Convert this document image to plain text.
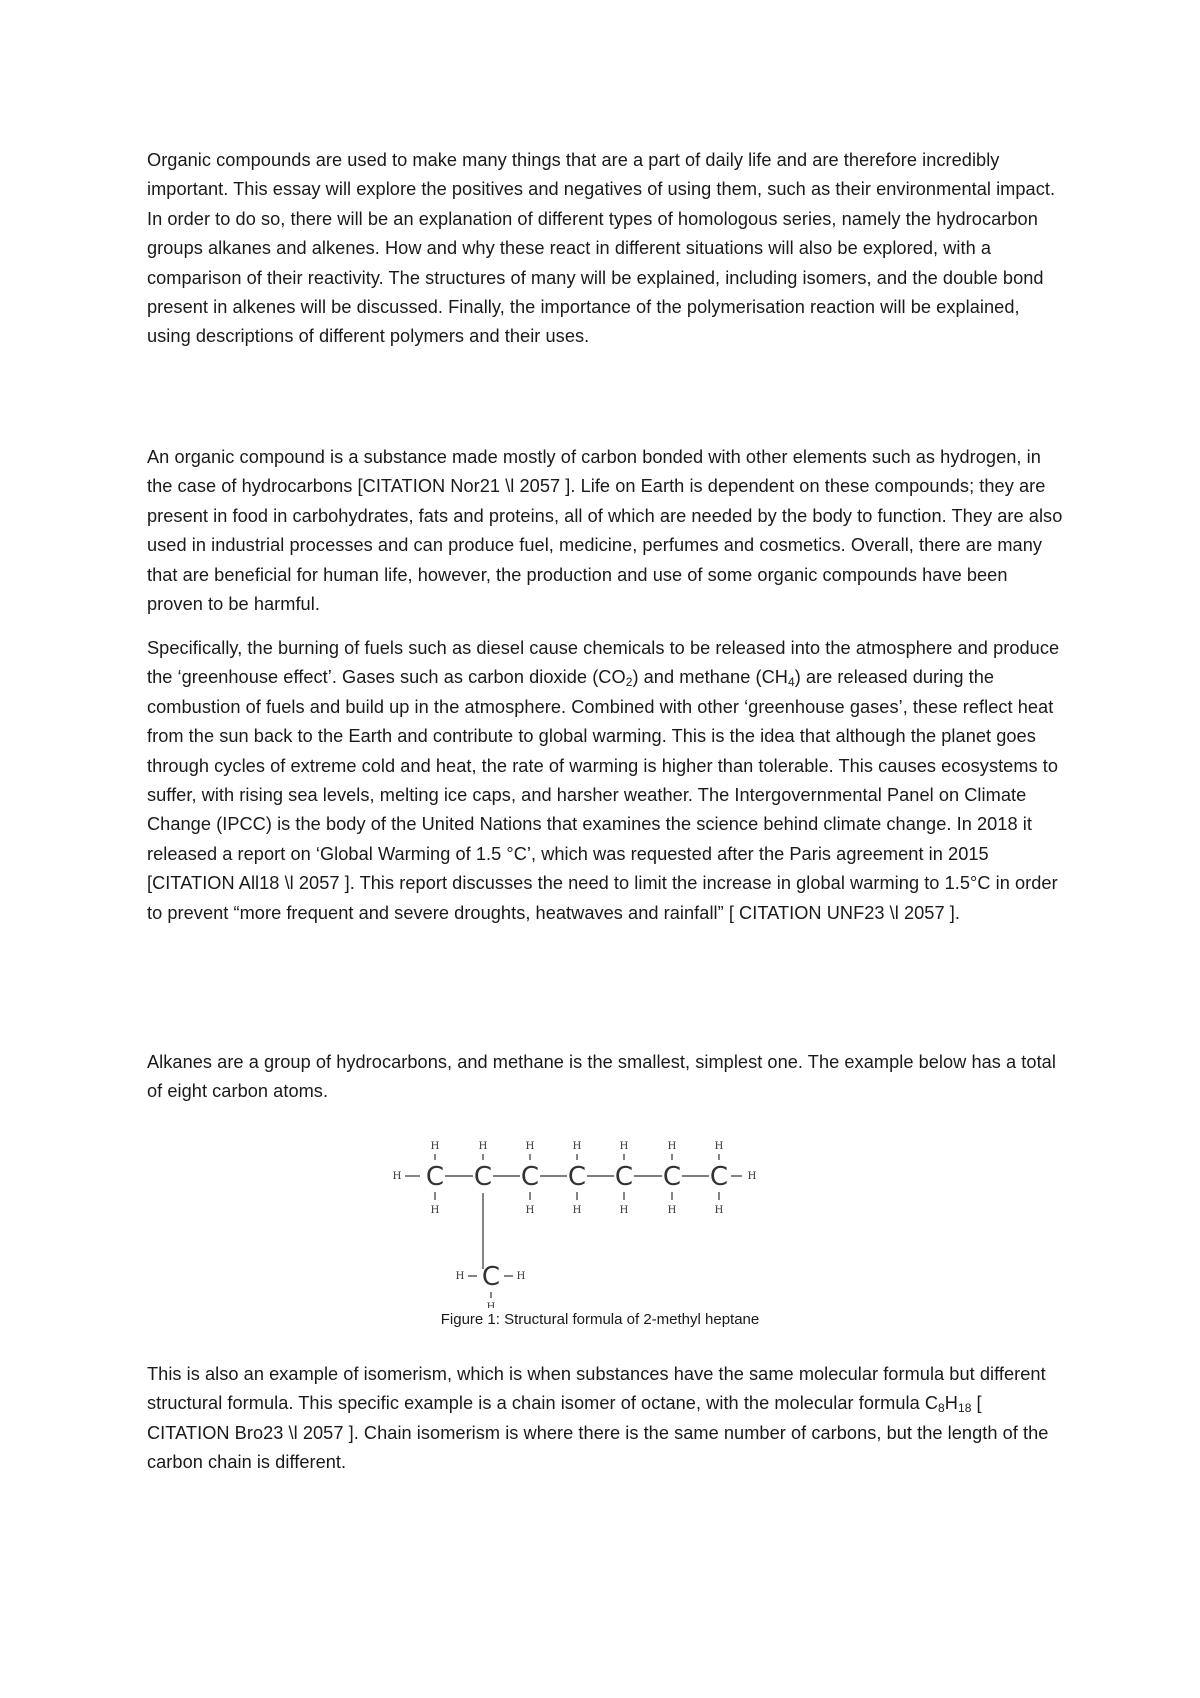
Organic compounds are used to make many things that are a part of daily life and are therefore incredibly important. This essay will explore the positives and negatives of using them, such as their environmental impact. In order to do so, there will be an explanation of different types of homologous series, namely the hydrocarbon groups alkanes and alkenes. How and why these react in different situations will also be explored, with a comparison of their reactivity. The structures of many will be explained, including isomers, and the double bond present in alkenes will be discussed. Finally, the importance of the polymerisation reaction will be explained, using descriptions of different polymers and their uses.

An organic compound is a substance made mostly of carbon bonded with other elements such as hydrogen, in the case of hydrocarbons [CITATION Nor21 \l 2057 ]. Life on Earth is dependent on these compounds; they are present in food in carbohydrates, fats and proteins, all of which are needed by the body to function. They are also used in industrial processes and can produce fuel, medicine, perfumes and cosmetics. Overall, there are many that are beneficial for human life, however, the production and use of some organic compounds have been proven to be harmful.

Specifically, the burning of fuels such as diesel cause chemicals to be released into the atmosphere and produce the ‘greenhouse effect’. Gases such as carbon dioxide $(CO_2)$ and methane $(CH_4)$ are released during the combustion of fuels and build up in the atmosphere. Combined with other ‘greenhouse gases’, these reflect heat from the sun back to the Earth and contribute to global warming. This is the idea that although the planet goes through cycles of extreme cold and heat, the rate of warming is higher than tolerable. This causes ecosystems to suffer, with rising sea levels, melting ice caps, and harsher weather. The Intergovernmental Panel on Climate Change (IPCC) is the body of the United Nations that examines the science behind climate change. In 2018 it released a report on ‘Global Warming of 1.5 °C’, which was requested after the Paris agreement in 2015 [CITATION All18 \l 2057 ]. This report discusses the need to limit the increase in global warming to 1.5°C in order to prevent “more frequent and severe droughts, heatwaves and rainfall” [ CITATION UNF23 \l 2057 ].

Alkanes are a group of hydrocarbons, and methane is the smallest, simplest one. The example below has a total of eight carbon atoms.

C
H
H
C
H
C
H
H
C
H
H
C
H
H
C
H
H
C
H
H
H	H
C
H	H
H
Figure 1: Structural formula of 2-methyl heptane

This is also an example of isomerism, which is when substances have the same molecular formula but different structural formula. This specific example is a chain isomer of octane, with the molecular formula $C_8H_{18}$ [ CITATION Bro23 \l 2057 ]. Chain isomerism is where there is the same number of carbons, but the length of the carbon chain is different.
